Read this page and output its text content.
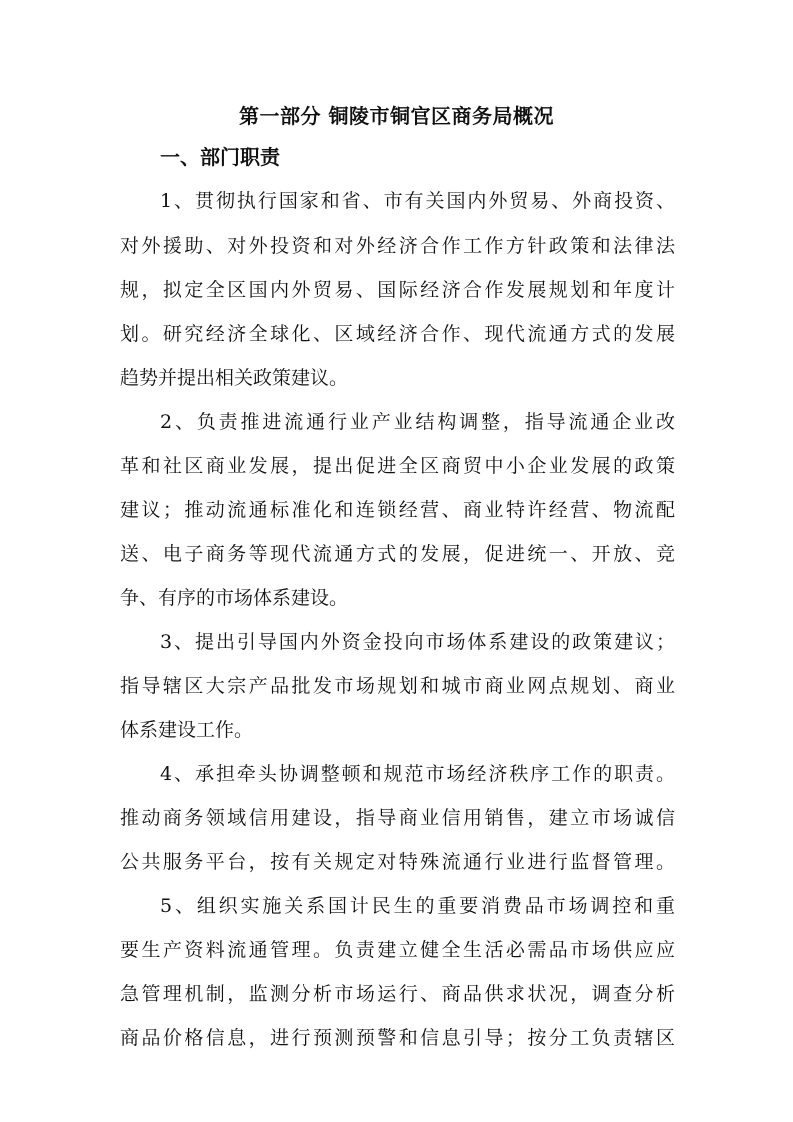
第一部分 铜陵市铜官区商务局概况
一、部门职责
1、贯彻执行国家和省、市有关国内外贸易、外商投资、
对外援助、对外投资和对外经济合作工作方针政策和法律法
规，拟定全区国内外贸易、国际经济合作发展规划和年度计
划。研究经济全球化、区域经济合作、现代流通方式的发展
趋势并提出相关政策建议。
2、负责推进流通行业产业结构调整，指导流通企业改
革和社区商业发展，提出促进全区商贸中小企业发展的政策
建议；推动流通标准化和连锁经营、商业特许经营、物流配
送、电子商务等现代流通方式的发展，促进统一、开放、竞
争、有序的市场体系建设。
3、提出引导国内外资金投向市场体系建设的政策建议；
指导辖区大宗产品批发市场规划和城市商业网点规划、商业
体系建设工作。
4、承担牵头协调整顿和规范市场经济秩序工作的职责。
推动商务领域信用建设，指导商业信用销售，建立市场诚信
公共服务平台，按有关规定对特殊流通行业进行监督管理。
5、组织实施关系国计民生的重要消费品市场调控和重
要生产资料流通管理。负责建立健全生活必需品市场供应应
急管理机制，监测分析市场运行、商品供求状况，调查分析
商品价格信息，进行预测预警和信息引导；按分工负责辖区
